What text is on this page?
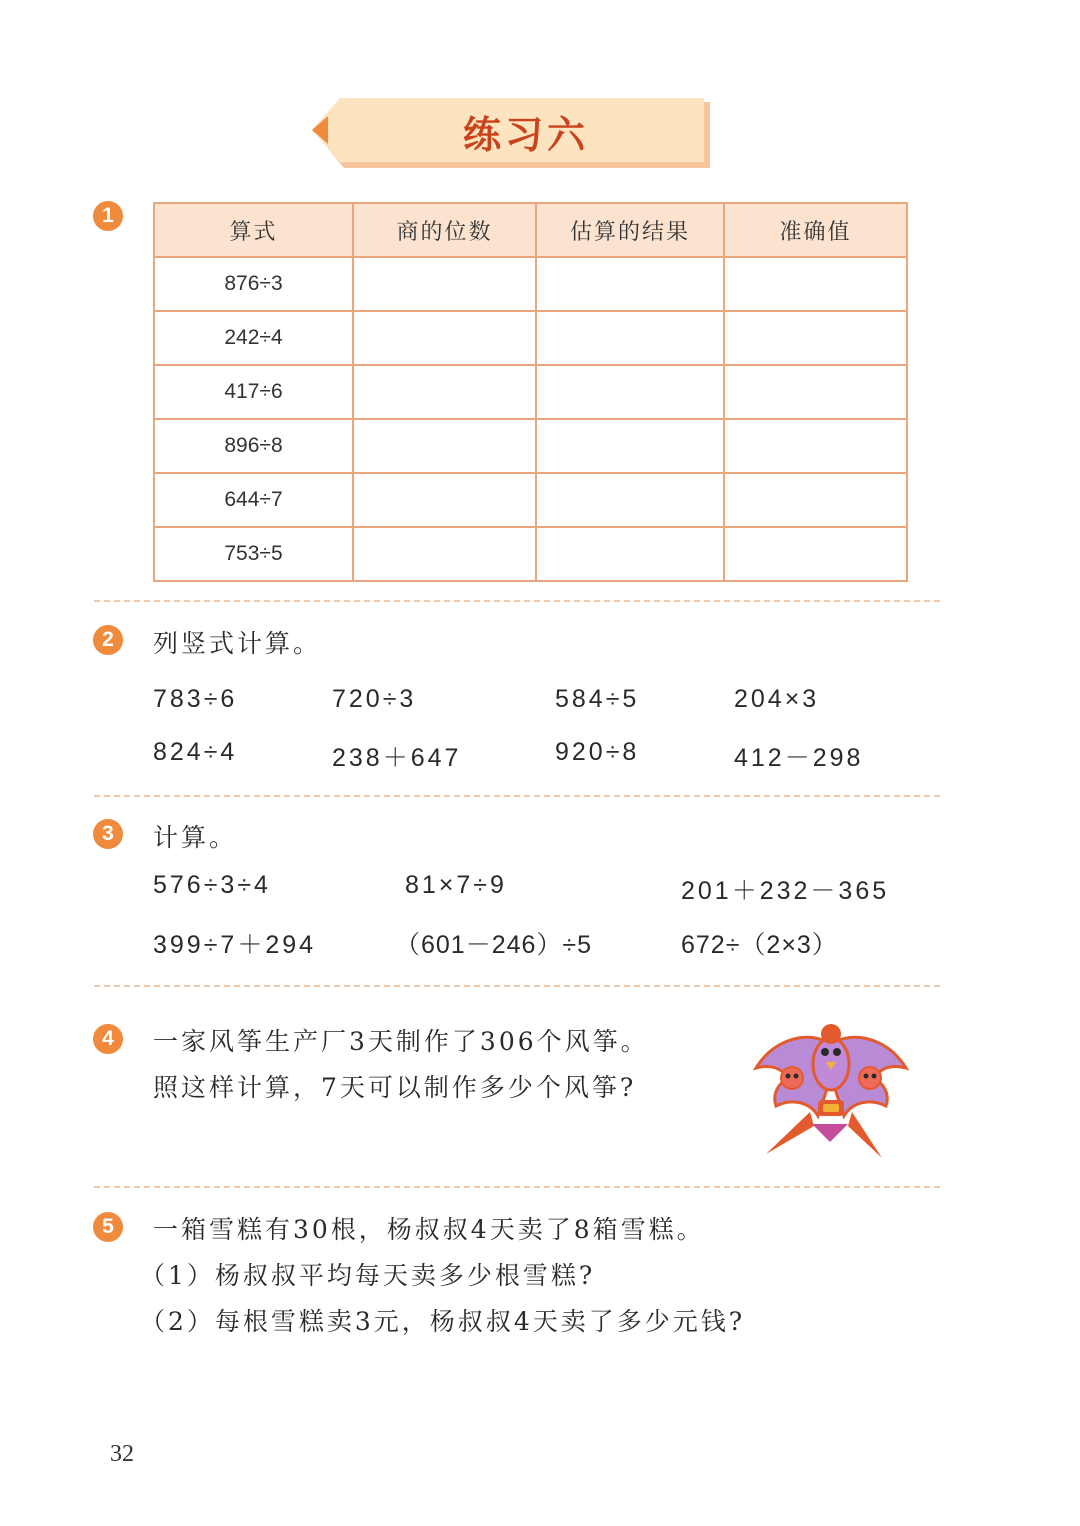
练习六
1
算式	商的位数	估算的结果	准确值
876÷3			
242÷4			
417÷6			
896÷8			
644÷7			
753÷5			
2	列竖式计算。
783÷6	720÷3	584÷5	204×3
824÷4	238＋647	920÷8	412－298
3	计算。
576÷3÷4	81×7÷9	201＋232－365
399÷7＋294	（601－246）÷5	672÷（2×3）
4	一家风筝生产厂3天制作了306个风筝。
照这样计算，7天可以制作多少个风筝?
5	一箱雪糕有30根，杨叔叔4天卖了8箱雪糕。
（1）杨叔叔平均每天卖多少根雪糕?
（2）每根雪糕卖3元，杨叔叔4天卖了多少元钱?
32
